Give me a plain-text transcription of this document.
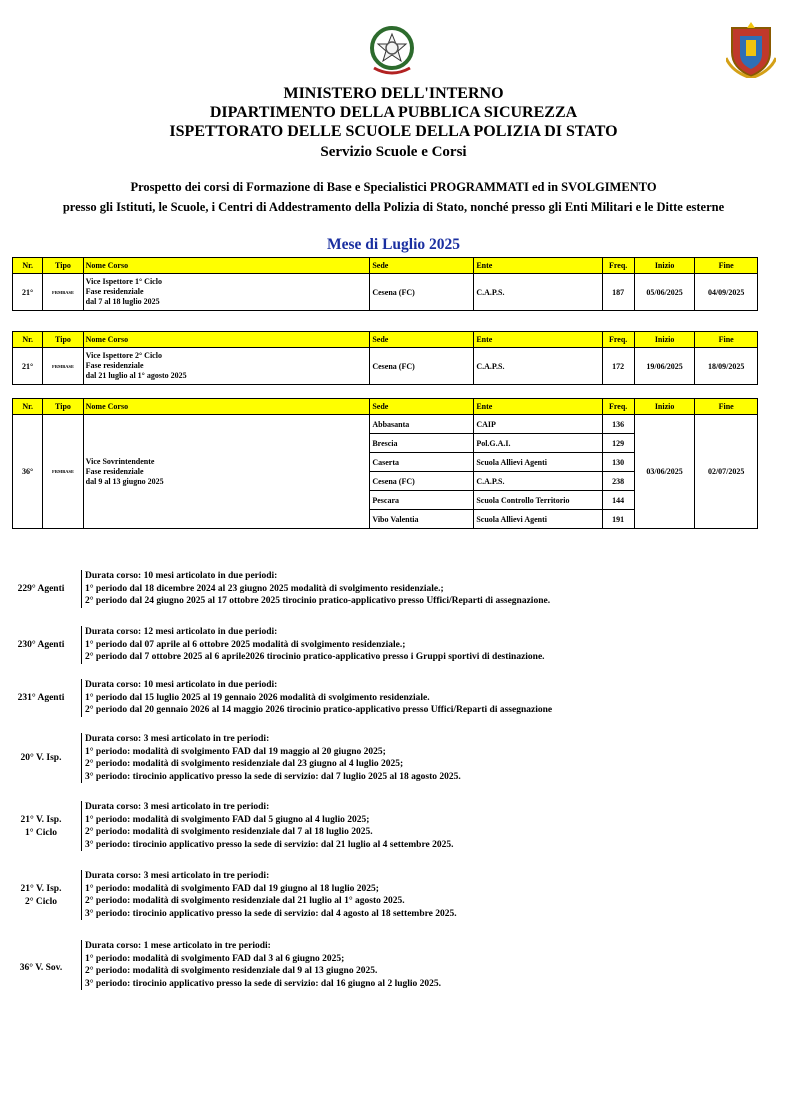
MINISTERO DELL'INTERNO
DIPARTIMENTO DELLA PUBBLICA SICUREZZA
ISPETTORATO DELLE SCUOLE DELLA POLIZIA DI STATO
Servizio Scuole e Corsi
Prospetto dei corsi di Formazione di Base e Specialistici PROGRAMMATI ed in SVOLGIMENTO
presso gli Istituti, le Scuole, i Centri di Addestramento della Polizia di Stato, nonché presso gli Enti Militari e le Ditte esterne
Mese di Luglio 2025
Nr.	Tipo	Nome Corso	Sede	Ente	Freq.	Inizio	Fine
21°	FRMBASE	Vice Ispettore 1° Ciclo
Fase residenziale
dal 7 al 18 luglio 2025	Cesena (FC)	C.A.P.S.	187	05/06/2025	04/09/2025
Nr.	Tipo	Nome Corso	Sede	Ente	Freq.	Inizio	Fine
21°	FRMBASE	Vice Ispettore 2° Ciclo
Fase residenziale
dal 21 luglio al 1° agosto 2025	Cesena (FC)	C.A.P.S.	172	19/06/2025	18/09/2025
Nr.	Tipo	Nome Corso	Sede	Ente	Freq.	Inizio	Fine
36°	FRMBASE	Vice Sovrintendente
Fase residenziale
dal 9 al 13 giugno 2025	Abbasanta	CAIP	136	03/06/2025	02/07/2025
			Brescia	Pol.G.A.I.	129		
			Caserta	Scuola Allievi Agenti	130		
			Cesena (FC)	C.A.P.S.	238		
			Pescara	Scuola Controllo Territorio	144		
			Vibo Valentia	Scuola Allievi Agenti	191		
229° Agenti
Durata corso: 10 mesi articolato in due periodi:
1° periodo dal 18 dicembre 2024 al 23 giugno 2025 modalità di svolgimento residenziale.;
2° periodo dal 24 giugno 2025 al 17 ottobre 2025 tirocinio pratico-applicativo presso Uffici/Reparti di assegnazione.
230° Agenti
Durata corso: 12 mesi articolato in due periodi:
1° periodo dal 07 aprile al 6 ottobre 2025 modalità di svolgimento residenziale.;
2° periodo dal 7 ottobre 2025 al 6 aprile2026 tirocinio pratico-applicativo presso i Gruppi sportivi di destinazione.
231° Agenti
Durata corso: 10 mesi articolato in due periodi:
1° periodo dal 15 luglio 2025 al 19 gennaio 2026 modalità di svolgimento residenziale.
2° periodo dal 20 gennaio 2026 al 14 maggio 2026 tirocinio pratico-applicativo presso Uffici/Reparti di assegnazione
20° V. Isp.
Durata corso: 3 mesi articolato in tre periodi:
1° periodo: modalità di svolgimento FAD dal 19 maggio al 20 giugno 2025;
2° periodo: modalità di svolgimento residenziale dal 23 giugno al 4 luglio 2025;
3° periodo: tirocinio applicativo presso la sede di servizio: dal 7 luglio 2025 al 18 agosto 2025.
21° V. Isp.
1° Ciclo
Durata corso: 3 mesi articolato in tre periodi:
1° periodo: modalità di svolgimento FAD dal 5 giugno al 4 luglio 2025;
2° periodo: modalità di svolgimento residenziale dal 7 al 18 luglio 2025.
3° periodo: tirocinio applicativo presso la sede di servizio: dal 21 luglio al 4 settembre 2025.
21° V. Isp.
2° Ciclo
Durata corso: 3 mesi articolato in tre periodi:
1° periodo: modalità di svolgimento FAD dal 19 giugno al 18 luglio 2025;
2° periodo: modalità di svolgimento residenziale dal 21 luglio al 1° agosto 2025.
3° periodo: tirocinio applicativo presso la sede di servizio: dal 4 agosto al 18 settembre 2025.
36° V. Sov.
Durata corso: 1 mese articolato in tre periodi:
1° periodo: modalità di svolgimento FAD dal 3 al 6 giugno 2025;
2° periodo: modalità di svolgimento residenziale dal 9 al 13 giugno 2025.
3° periodo: tirocinio applicativo presso la sede di servizio: dal 16 giugno al 2 luglio 2025.
